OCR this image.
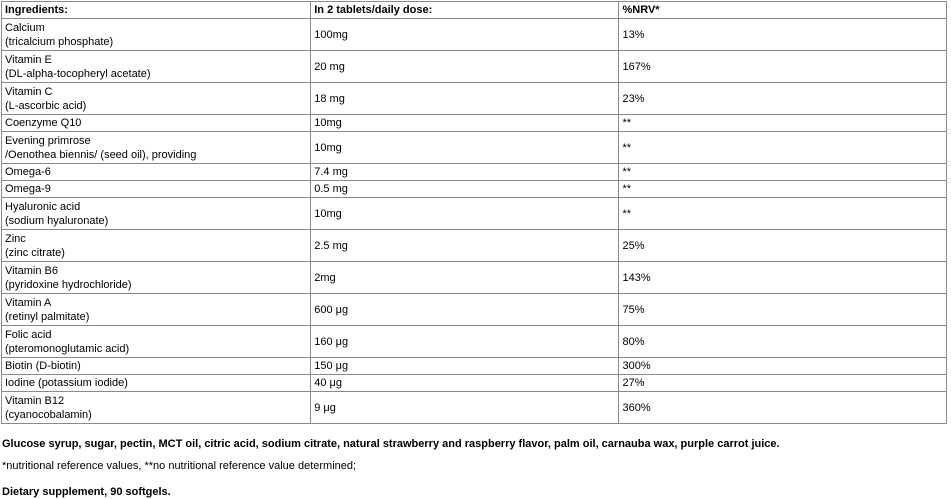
Ingredients:	In 2 tablets/daily dose:	%NRV*

Calcium
(tricalcium phosphate)	100mg	13%

Vitamin E
(DL-alpha-tocopheryl acetate)	20 mg	167%

Vitamin C
(L-ascorbic acid)	18 mg	23%

Coenzyme Q10	10mg	**

Evening primrose
/Oenothea biennis/ (seed oil), providing	10mg	**

Omega-6	7.4 mg	**

Omega-9	0.5 mg	**

Hyaluronic acid
(sodium hyaluronate)	10mg	**

Zinc
(zinc citrate)	2.5 mg	25%

Vitamin B6
(pyridoxine hydrochloride)	2mg	143%

Vitamin A
(retinyl palmitate)	600 μg	75%

Folic acid
(pteromonoglutamic acid)	160 μg	80%

Biotin (D-biotin)	150 μg	300%

Iodine (potassium iodide)	40 μg	27%

Vitamin B12
(cyanocobalamin)	9 μg	360%
Glucose syrup, sugar, pectin, MCT oil, citric acid, sodium citrate, natural strawberry and raspberry flavor, palm oil, carnauba wax, purple carrot juice.
*nutritional reference values, **no nutritional reference value determined;
Dietary supplement, 90 softgels.
